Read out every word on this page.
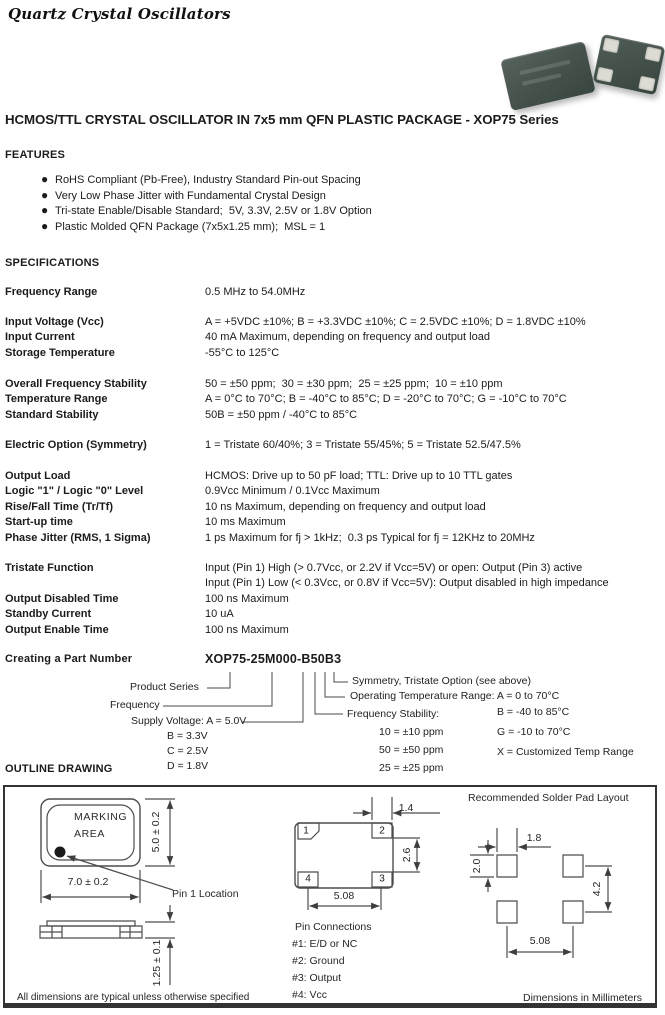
Quartz Crystal Oscillators
HCMOS/TTL CRYSTAL OSCILLATOR IN 7x5 mm QFN PLASTIC PACKAGE - XOP75 Series
FEATURES
● RoHS Compliant (Pb-Free), Industry Standard Pin-out Spacing
● Very Low Phase Jitter with Fundamental Crystal Design
● Tri-state Enable/Disable Standard;  5V, 3.3V, 2.5V or 1.8V Option
● Plastic Molded QFN Package (7x5x1.25 mm);  MSL = 1
SPECIFICATIONS
Frequency Range	0.5 MHz to 54.0MHz
Input Voltage (Vcc)	A = +5VDC ±10%; B = +3.3VDC ±10%; C = 2.5VDC ±10%; D = 1.8VDC ±10%
Input Current	40 mA Maximum, depending on frequency and output load
Storage Temperature	-55°C to 125°C
Overall Frequency Stability	50 = ±50 ppm;  30 = ±30 ppm;  25 = ±25 ppm;  10 = ±10 ppm
Temperature Range	A = 0°C to 70°C; B = -40°C to 85°C; D = -20°C to 70°C; G = -10°C to 70°C
Standard Stability	50B = ±50 ppm / -40°C to 85°C
Electric Option (Symmetry)	1 = Tristate 60/40%; 3 = Tristate 55/45%; 5 = Tristate 52.5/47.5%
Output Load	HCMOS: Drive up to 50 pF load; TTL: Drive up to 10 TTL gates
Logic "1" / Logic "0" Level	0.9Vcc Minimum / 0.1Vcc Maximum
Rise/Fall Time (Tr/Tf)	10 ns Maximum, depending on frequency and output load
Start-up time	10 ms Maximum
Phase Jitter (RMS, 1 Sigma)	1 ps Maximum for fj > 1kHz;  0.3 ps Typical for fj = 12KHz to 20MHz
Tristate Function	Input (Pin 1) High (> 0.7Vcc, or 2.2V if Vcc=5V) or open: Output (Pin 3) active
Input (Pin 1) Low (< 0.3Vcc, or 0.8V if Vcc=5V): Output disabled in high impedance
Output Disabled Time	100 ns Maximum
Standby Current	10 uA
Output Enable Time	100 ns Maximum
Creating a Part Number	XOP75-25M000-B50B3
Product Series
Frequency
Supply Voltage: A = 5.0V
B = 3.3V
C = 2.5V
D = 1.8V
Symmetry, Tristate Option (see above)
Operating Temperature Range: A = 0 to 70°C
Frequency Stability:
10 = ±10 ppm
50 = ±50 ppm
25 = ±25 ppm
B = -40 to 85°C
G = -10 to 70°C
X = Customized Temp Range
OUTLINE DRAWING
MARKING
AREA	5.0 ± 0.2
7.0 ± 0.2
Pin 1 Location
1.25 ± 0.1
All dimensions are typical unless otherwise specified
1	2
3
4
1.4
2.6
5.08
Pin Connections
#1: E/D or NC
#2: Ground
#3: Output
#4: Vcc
Recommended Solder Pad Layout
1.8
2.0
4.2
5.08
Dimensions in Millimeters
